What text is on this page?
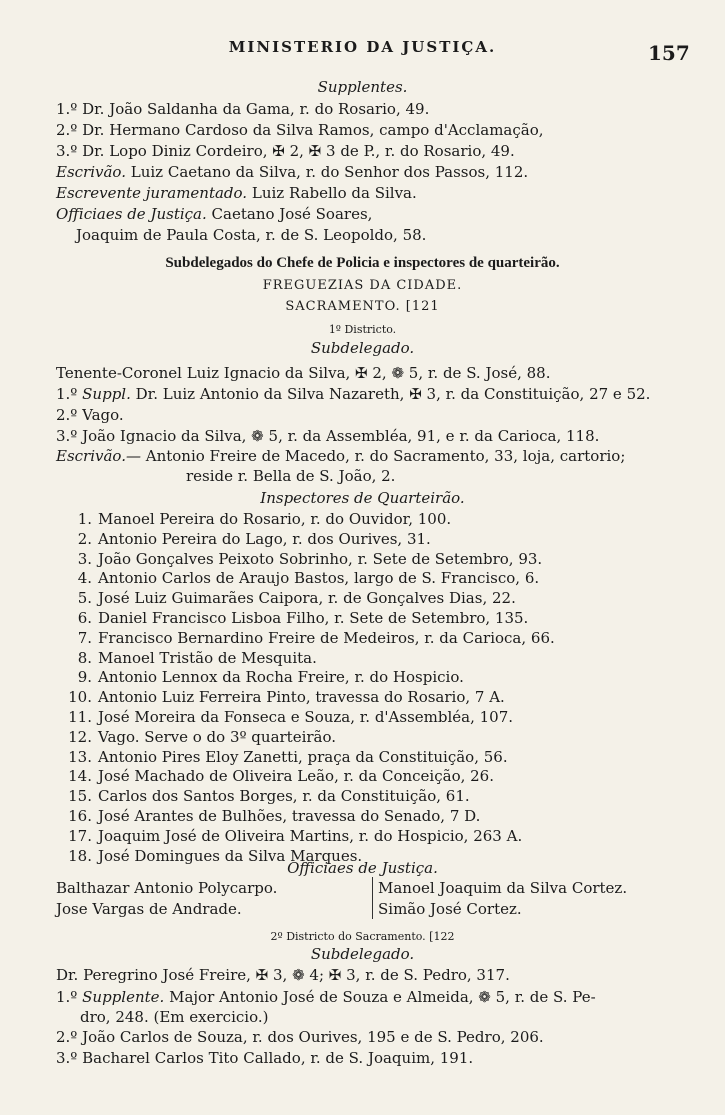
MINISTERIO DA JUSTIÇA.	157
Supplentes.
1.º Dr. João Saldanha da Gama, r. do Rosario, 49.
2.º Dr. Hermano Cardoso da Silva Ramos, campo d'Acclamação,
3.º Dr. Lopo Diniz Cordeiro, ✠ 2, ✠ 3 de P., r. do Rosario, 49.
Escrivão. Luiz Caetano da Silva, r. do Senhor dos Passos, 112.
Escrevente juramentado. Luiz Rabello da Silva.
Officiaes de Justiça. Caetano José Soares,
Joaquim de Paula Costa, r. de S. Leopoldo, 58.
Subdelegados do Chefe de Policia e inspectores de quarteirão.
FREGUEZIAS DA CIDADE.
SACRAMENTO. [121
1º Districto.
Subdelegado.
Tenente-Coronel Luiz Ignacio da Silva, ✠ 2, ❁ 5, r. de S. José, 88.
1.º Suppl. Dr. Luiz Antonio da Silva Nazareth, ✠ 3, r. da Constituição, 27 e 52.
2.º Vago.
3.º João Ignacio da Silva, ❁ 5, r. da Assembléa, 91, e r. da Carioca, 118.
Escrivão.— Antonio Freire de Macedo, r. do Sacramento, 33, loja, cartorio;
reside r. Bella de S. João, 2.
Inspectores de Quarteirão.
1. Manoel Pereira do Rosario, r. do Ouvidor, 100.
2. Antonio Pereira do Lago, r. dos Ourives, 31.
3. João Gonçalves Peixoto Sobrinho, r. Sete de Setembro, 93.
4. Antonio Carlos de Araujo Bastos, largo de S. Francisco, 6.
5. José Luiz Guimarães Caipora, r. de Gonçalves Dias, 22.
6. Daniel Francisco Lisboa Filho, r. Sete de Setembro, 135.
7. Francisco Bernardino Freire de Medeiros, r. da Carioca, 66.
8. Manoel Tristão de Mesquita.
9. Antonio Lennox da Rocha Freire, r. do Hospicio.
10. Antonio Luiz Ferreira Pinto, travessa do Rosario, 7 A.
11. José Moreira da Fonseca e Souza, r. d'Assembléa, 107.
12. Vago. Serve o do 3º quarteirão.
13. Antonio Pires Eloy Zanetti, praça da Constituição, 56.
14. José Machado de Oliveira Leão, r. da Conceição, 26.
15. Carlos dos Santos Borges, r. da Constituição, 61.
16. José Arantes de Bulhões, travessa do Senado, 7 D.
17. Joaquim José de Oliveira Martins, r. do Hospicio, 263 A.
18. José Domingues da Silva Marques.
Officiaes de Justiça.
Balthazar Antonio Polycarpo.
Jose Vargas de Andrade.
Manoel Joaquim da Silva Cortez.
Simão José Cortez.
2º Districto do Sacramento. [122
Subdelegado.
Dr. Peregrino José Freire, ✠ 3, ❁ 4; ✠ 3, r. de S. Pedro, 317.
1.º Supplente. Major Antonio José de Souza e Almeida, ❁ 5, r. de S. Pe-
dro, 248. (Em exercicio.)
2.º João Carlos de Souza, r. dos Ourives, 195 e de S. Pedro, 206.
3.º Bacharel Carlos Tito Callado, r. de S. Joaquim, 191.
